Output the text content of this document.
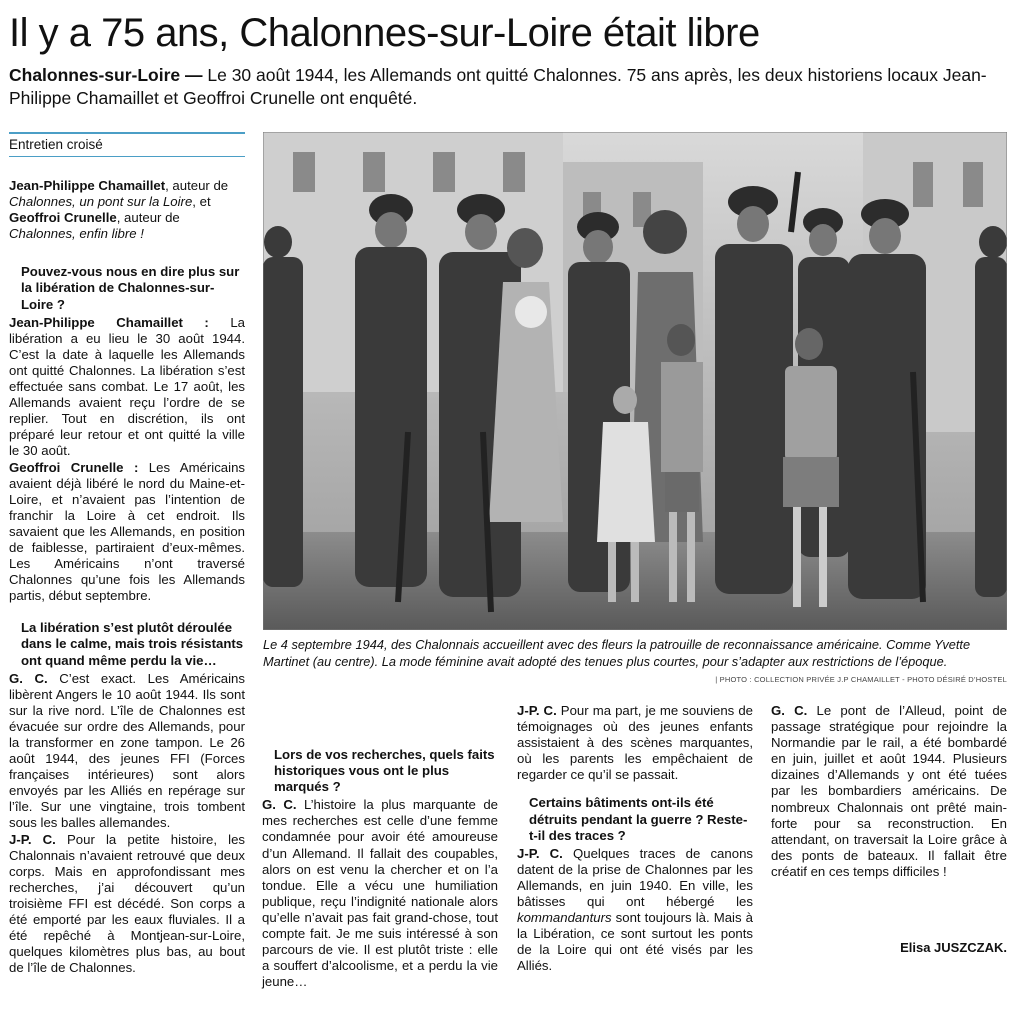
Il y a 75 ans, Chalonnes-sur-Loire était libre
Chalonnes-sur-Loire — Le 30 août 1944, les Allemands ont quitté Chalonnes. 75 ans après, les deux historiens locaux Jean-Philippe Chamaillet et Geoffroi Crunelle ont enquêté.
Entretien croisé

Jean-Philippe Chamaillet, auteur de Chalonnes, un pont sur la Loire, et Geoffroi Crunelle, auteur de Chalonnes, enfin libre !

Pouvez-vous nous en dire plus sur la libération de Chalonnes-sur-Loire ?

Jean-Philippe Chamaillet : La libération a eu lieu le 30 août 1944. C’est la date à laquelle les Allemands ont quitté Chalonnes. La libération s’est effectuée sans combat. Le 17 août, les Allemands avaient reçu l’ordre de se replier. Tout en discrétion, ils ont préparé leur retour et ont quitté la ville le 30 août.

Geoffroi Crunelle : Les Américains avaient déjà libéré le nord du Maine-et-Loire, et n’avaient pas l’intention de franchir la Loire à cet endroit. Ils savaient que les Allemands, en position de faiblesse, partiraient d’eux-mêmes. Les Américains n’ont traversé Chalonnes qu’une fois les Allemands partis, début septembre.

La libération s’est plutôt déroulée dans le calme, mais trois résistants ont quand même perdu la vie…

G. C. C’est exact. Les Américains libèrent Angers le 10 août 1944. Ils sont sur la rive nord. L’île de Chalonnes est évacuée sur ordre des Allemands, pour la transformer en zone tampon. Le 26 août 1944, des jeunes FFI (Forces françaises intérieures) sont alors envoyés par les Alliés en repérage sur l’île. Sur une vingtaine, trois tombent sous les balles allemandes.

J-P. C. Pour la petite histoire, les Chalonnais n’avaient retrouvé que deux corps. Mais en approfondissant mes recherches, j’ai découvert qu’un troisième FFI est décédé. Son corps a été emporté par les eaux fluviales. Il a été repêché à Montjean-sur-Loire, quelques kilomètres plus bas, au bout de l’île de Chalonnes.

Le 4 septembre 1944, des Chalonnais accueillent avec des fleurs la patrouille de reconnaissance américaine. Comme Yvette Martinet (au centre). La mode féminine avait adopté des tenues plus courtes, pour s’adapter aux restrictions de l’époque.
| PHOTO : COLLECTION PRIVÉE J.P CHAMAILLET - PHOTO DÉSIRÉ D’HOSTEL

Lors de vos recherches, quels faits historiques vous ont le plus marqués ?

G. C. L’histoire la plus marquante de mes recherches est celle d’une femme condamnée pour avoir été amoureuse d’un Allemand. Il fallait des coupables, alors on est venu la chercher et on l’a tondue. Elle a vécu une humiliation publique, reçu l’indignité nationale alors qu’elle n’avait pas fait grand-chose, tout compte fait. Je me suis intéressé à son parcours de vie. Il est plutôt triste : elle a souffert d’alcoolisme, et a perdu la vie jeune…

J-P. C. Pour ma part, je me souviens de témoignages où des jeunes enfants assistaient à des scènes marquantes, où les parents les empêchaient de regarder ce qu’il se passait.

Certains bâtiments ont-ils été détruits pendant la guerre ? Reste-t-il des traces ?

J-P. C. Quelques traces de canons datent de la prise de Chalonnes par les Allemands, en juin 1940. En ville, les bâtisses qui ont hébergé les kommandanturs sont toujours là. Mais à la Libération, ce sont surtout les ponts de la Loire qui ont été visés par les Alliés.

G. C. Le pont de l’Alleud, point de passage stratégique pour rejoindre la Normandie par le rail, a été bombardé en juin, juillet et août 1944. Plusieurs dizaines d’Allemands y ont été tuées par les bombardiers américains. De nombreux Chalonnais ont prêté main-forte pour sa reconstruction. En attendant, on traversait la Loire grâce à des ponts de bateaux. Il fallait être créatif en ces temps difficiles !

Elisa JUSZCZAK.
